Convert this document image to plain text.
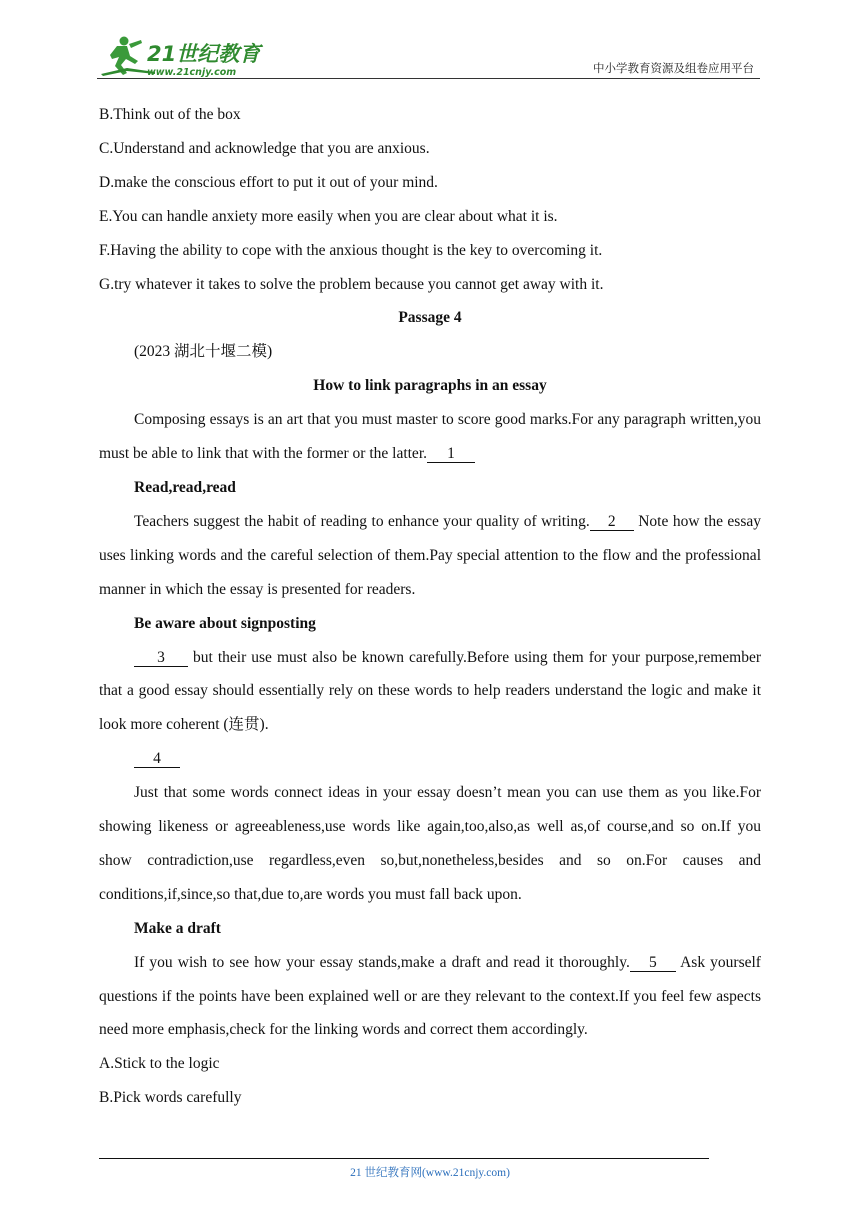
21世纪教育
www.21cnjy.com	中小学教育资源及组卷应用平台

B.Think out of the box

C.Understand and acknowledge that you are anxious.

D.make the conscious effort to put it out of your mind.

E.You can handle anxiety more easily when you are clear about what it is.

F.Having the ability to cope with the anxious thought is the key to overcoming it.

G.try whatever it takes to solve the problem because you cannot get away with it.

Passage 4

(2023 湖北十堰二模)

How to link paragraphs in an essay

Composing essays is an art that you must master to score good marks.For any paragraph written,you must be able to link that with the former or the latter. 1

Read,read,read

Teachers suggest the habit of reading to enhance your quality of writing. 2 Note how the essay uses linking words and the careful selection of them.Pay special attention to the flow and the professional manner in which the essay is presented for readers.

Be aware about signposting

3 but their use must also be known carefully.Before using them for your purpose,remember that a good essay should essentially rely on these words to help readers understand the logic and make it look more coherent (连贯).

4

Just that some words connect ideas in your essay doesn’t mean you can use them as you like.For showing likeness or agreeableness,use words like again,too,also,as well as,of course,and so on.If you show contradiction,use regardless,even so,but,nonetheless,besides and so on.For causes and conditions,if,since,so that,due to,are words you must fall back upon.

Make a draft

If you wish to see how your essay stands,make a draft and read it thoroughly. 5 Ask yourself questions if the points have been explained well or are they relevant to the context.If you feel few aspects need more emphasis,check for the linking words and correct them accordingly.

A.Stick to the logic

B.Pick words carefully

21 世纪教育网(www.21cnjy.com)
